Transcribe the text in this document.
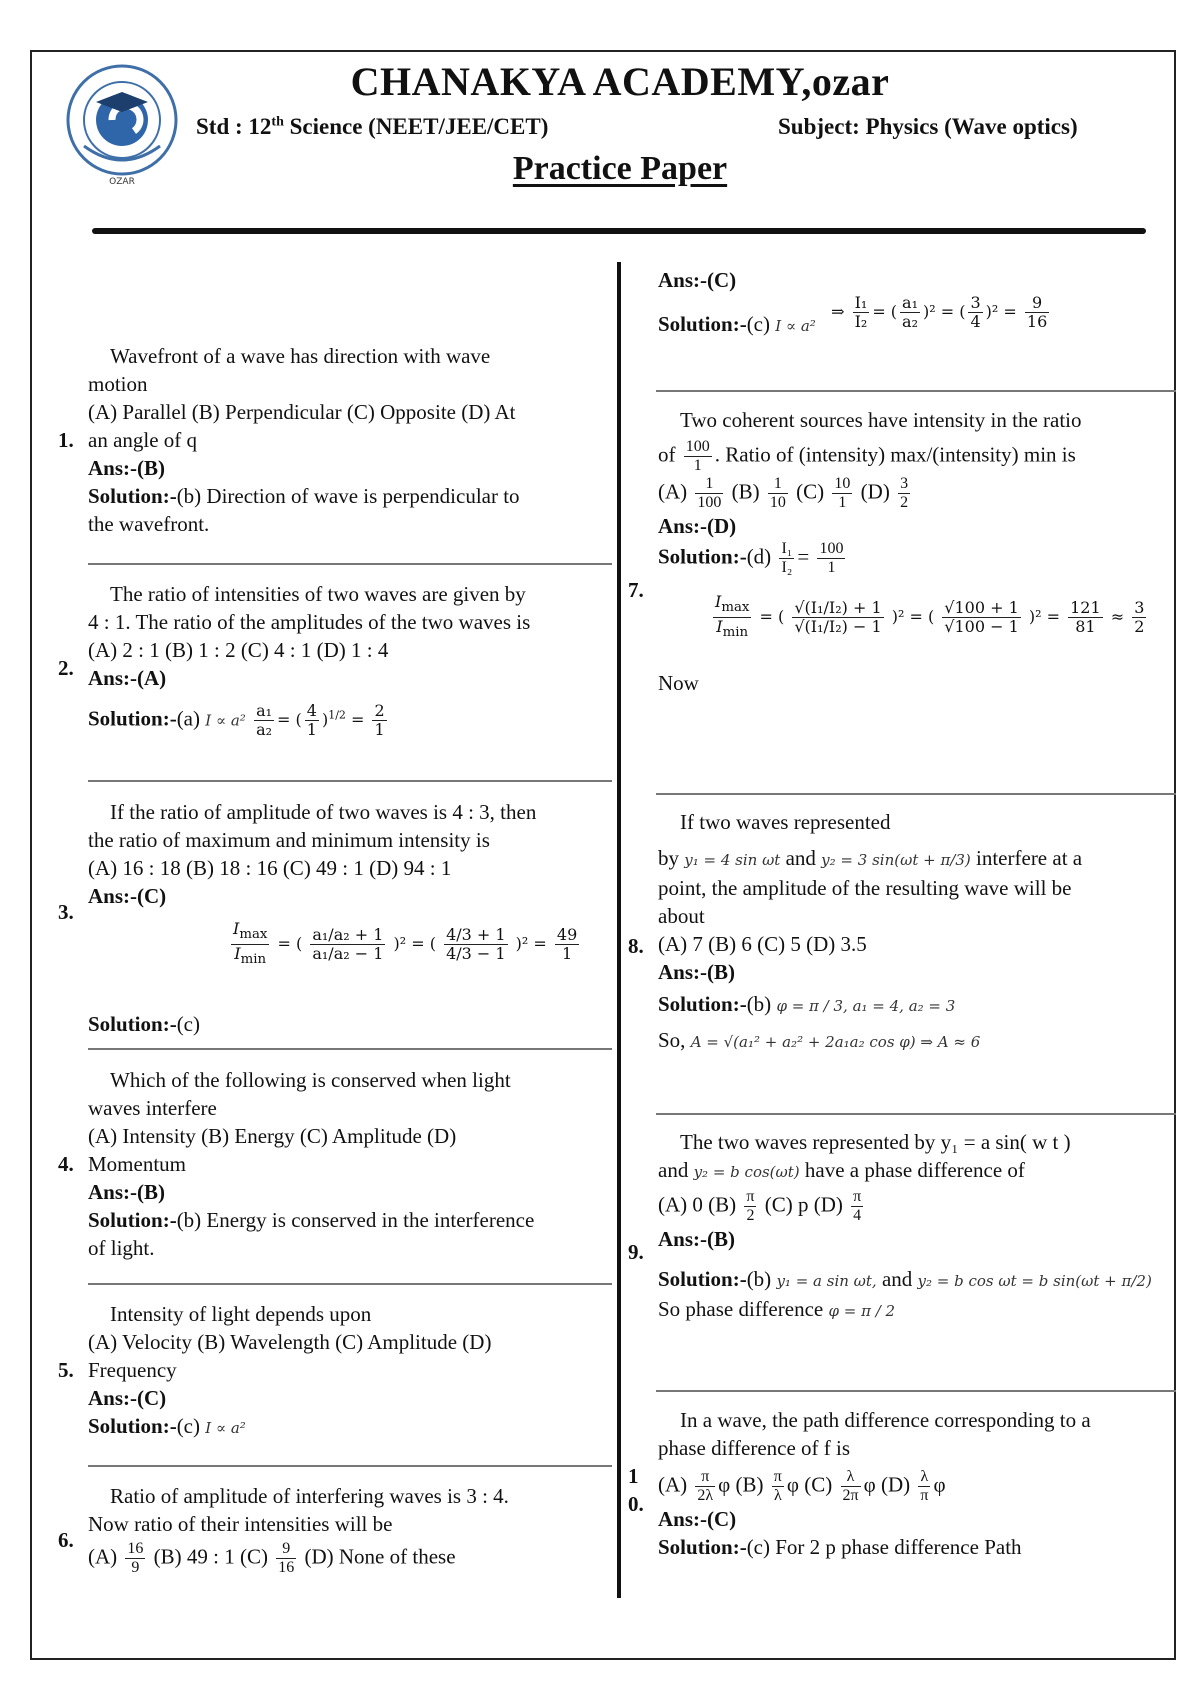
OZAR
CHANAKYA ACADEMY,ozar
Std : 12th Science (NEET/JEE/CET)	Subject: Physics (Wave optics)
Practice Paper
1.
Wavefront of a wave has direction with wave
motion
(A) Parallel (B) Perpendicular (C) Opposite (D) At
an angle of q
Ans:-(B)
Solution:-(b) Direction of wave is perpendicular to
the wavefront.
2.
The ratio of intensities of two waves are given by
4 : 1. The ratio of the amplitudes of the two waves is
(A) 2 : 1 (B) 1 : 2 (C) 4 : 1 (D) 1 : 4
Ans:-(A)
Solution:-(a) $I \propto a^2 \frac{\text{a₁}}{\text{a₂}}$ = ( $\frac{4}{1} )^{1/2} = \frac{2}{1}$
3.
If the ratio of amplitude of two waves is 4 : 3, then
the ratio of maximum and minimum intensity is
(A) 16 : 18 (B) 18 : 16 (C) 49 : 1 (D) 94 : 1
Ans:-(C)
$\frac{I_{max}}{I_{min}}$ = ( $\frac{\text{a₁/a₂ + 1}}{\text{a₁/a₂ − 1}} )^2$ = ( $\frac{4/3 + 1}{4/3 - 1} )^2 = \frac{49}{1}$
Solution:-(c)
4.
Which of the following is conserved when light
waves interfere
(A) Intensity (B) Energy (C) Amplitude (D)
Momentum
Ans:-(B)
Solution:-(b) Energy is conserved in the interference
of light.
5.
Intensity of light depends upon
(A) Velocity (B) Wavelength (C) Amplitude (D)
Frequency
Ans:-(C)
Solution:-(c) I ∝ a²
6.
Ratio of amplitude of interfering waves is 3 : 4.
Now ratio of their intensities will be
$(A) \frac{16}{9} (B)$ 49 : 1 $(C) \frac{9}{16} (D)$ None of these
Ans:-(C)
Solution:-(c) I ∝ a² $^{\Rightarrow \frac{\text{I₁}}{\text{I₂}} = ( \frac{\text{a₁}}{\text{a₂}} )^2 = ( \frac{3}{4} )^2 = \frac{9}{16}}$
7.
Two coherent sources have intensity in the ratio
of $\frac{100}{1}$ . Ratio of (intensity) max/(intensity) min is
$(A) \frac{1}{100} (B) \frac{1}{10} (C) \frac{10}{1} (D) \frac{3}{2}$
Ans:-(D)
Solution:-(d) $\frac{\text{I₁}}{\text{I₂}} = \frac{100}{1}$
$\frac{I_{max}}{I_{min}}$ = ( $\frac{\text{√(I₁/I₂) + 1}}{\text{√(I₁/I₂) − 1}} )^2$ = ( $\frac{√100 + 1}{√100 - 1} )^2 = \frac{121}{81} \approx \frac{3}{2}$
Now
8.
If two waves represented
by y₁ = 4 sin ωt and y₂ = 3 sin(ωt + π/3) interfere at a
point, the amplitude of the resulting wave will be
about
(A) 7 (B) 6 (C) 5 (D) 3.5
Ans:-(B)
Solution:-(b) φ = π / 3, a₁ = 4, a₂ = 3
So, A = √(a₁² + a₂² + 2a₁a₂ cos φ) ⇒ A ≈ 6
9.
The two waves represented by y₁ = a sin( w t )
and y₂ = b cos(ωt) have a phase difference of
(A) 0 $(B) \frac{\pi}{2} (C)$ p $(D) \frac{\pi}{4}$
Ans:-(B)
Solution:-(b) y₁ = a sin ωt, and y₂ = b cos ωt = b sin(ωt + π/2)
So phase difference φ = π / 2
1
0.
In a wave, the path difference corresponding to a
phase difference of f is
$(A) \frac{\pi}{2\lambda}$ φ $(B) \frac{\pi}{\lambda}$ φ $(C) \frac{\lambda}{2\pi}$ φ $(D) \frac{\lambda}{\pi}$ φ
Ans:-(C)
Solution:-(c) For 2 p phase difference Path
